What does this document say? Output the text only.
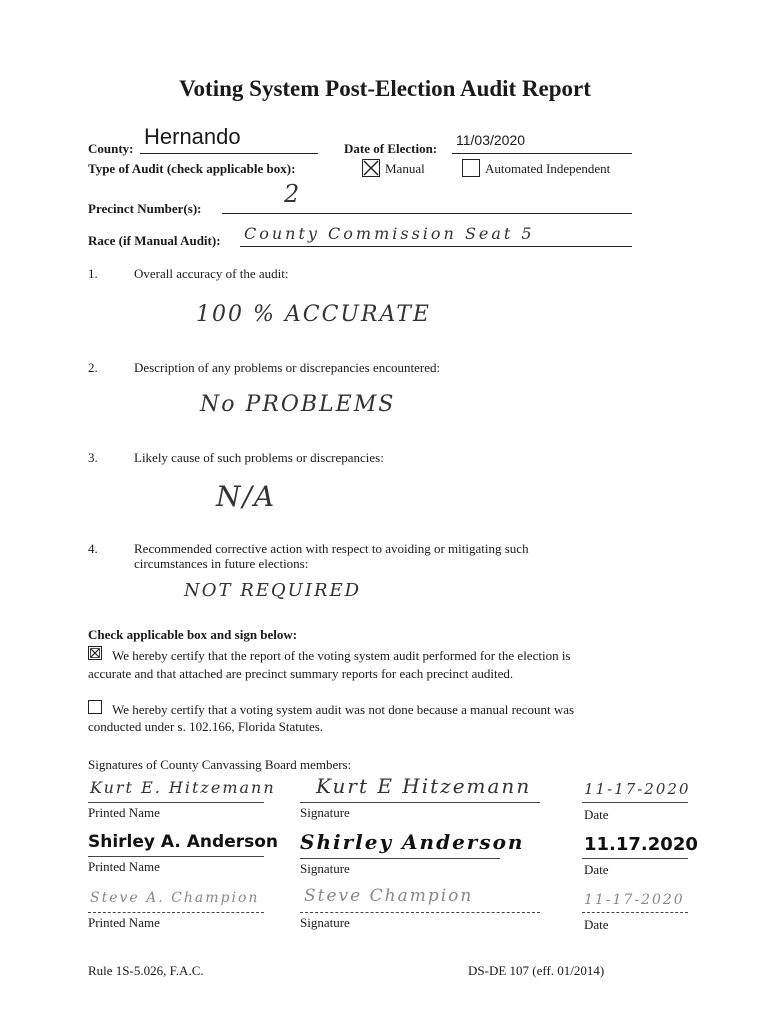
Voting System Post-Election Audit Report
County: Hernando	Date of Election:
11/03/2020
Type of Audit (check applicable box):	Manual	Automated Independent
Precinct Number(s):
2
Race (if Manual Audit): County Commission Seat 5
1.	Overall accuracy of the audit:
100 % ACCURATE
2.	Description of any problems or discrepancies encountered:
No PROBLEMS
3.	Likely cause of such problems or discrepancies:
N/A
4.	Recommended corrective action with respect to avoiding or mitigating such
circumstances in future elections:
NOT REQUIRED
Check applicable box and sign below:
We hereby certify that the report of the voting system audit performed for the election is
accurate and that attached are precinct summary reports for each precinct audited.
We hereby certify that a voting system audit was not done because a manual recount was
conducted under s. 102.166, Florida Statutes.
Signatures of County Canvassing Board members:
Kurt E. Hitzemann
Printed Name
Kurt E Hitzemann
Signature
11-17-2020
Date
Shirley A. Anderson
Printed Name
Shirley Anderson
Signature
11.17.2020
Date
Steve A. Champion
Printed Name
Steve Champion
Signature
11-17-2020
Date
Rule 1S-5.026, F.A.C.	DS-DE 107 (eff. 01/2014)
